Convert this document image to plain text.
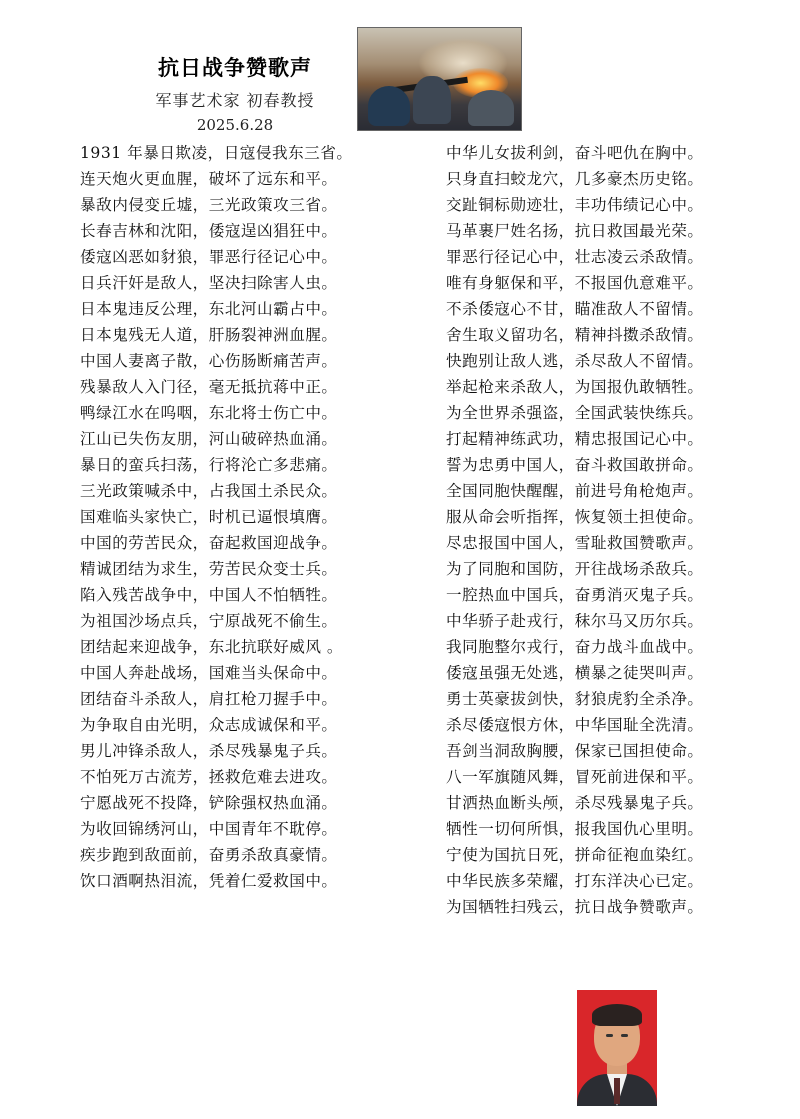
抗日战争赞歌声
军事艺术家 初春教授
2025.6.28
1931 年暴日欺凌，日寇侵我东三省。
连天炮火更血腥，破坏了远东和平。
暴敌内侵变丘墟，三光政策攻三省。
长春吉林和沈阳，倭寇逞凶猖狂中。
倭寇凶恶如豺狼，罪恶行径记心中。
日兵汗奸是敌人，坚决扫除害人虫。
日本鬼违反公理，东北河山霸占中。
日本鬼残无人道，肝肠裂神洲血腥。
中国人妻离子散，心伤肠断痛苦声。
残暴敌人入门径，毫无抵抗蒋中正。
鸭绿江水在呜咽，东北将士伤亡中。
江山已失伤友朋，河山破碎热血涌。
暴日的蛮兵扫荡，行将沦亡多悲痛。
三光政策喊杀中，占我国土杀民众。
国难临头家快亡，时机已逼恨填膺。
中国的劳苦民众，奋起救国迎战争。
精诚团结为求生，劳苦民众变士兵。
陷入残苦战争中，中国人不怕牺牲。
为祖国沙场点兵，宁原战死不偷生。
团结起来迎战争，东北抗联好威风 。
中国人奔赴战场，国难当头保命中。
团结奋斗杀敌人，肩扛枪刀握手中。
为争取自由光明，众志成诚保和平。
男儿冲锋杀敌人，杀尽残暴鬼子兵。
不怕死万古流芳，拯救危难去进攻。
宁愿战死不投降，铲除强权热血涌。
为收回锦绣河山，中国青年不耽停。
疾步跑到敌面前，奋勇杀敌真豪情。
饮口酒啊热泪流，凭着仁爱救国中。
中华儿女拔利剑，奋斗吧仇在胸中。
只身直扫蛟龙穴，几多豪杰历史铭。
交趾铜标勋迹壮，丰功伟绩记心中。
马革裹尸姓名扬，抗日救国最光荣。
罪恶行径记心中，壮志凌云杀敌情。
唯有身躯保和平，不报国仇意难平。
不杀倭寇心不甘，瞄准敌人不留情。
舍生取义留功名，精神抖擞杀敌情。
快跑别让敌人逃，杀尽敌人不留情。
举起枪来杀敌人，为国报仇敢牺牲。
为全世界杀强盗，全国武装快练兵。
打起精神练武功，精忠报国记心中。
誓为忠勇中国人，奋斗救国敢拼命。
全国同胞快醒醒，前进号角枪炮声。
服从命会听指挥，恢复领土担使命。
尽忠报国中国人，雪耻救国赞歌声。
为了同胞和国防，开往战场杀敌兵。
一腔热血中国兵，奋勇消灭鬼子兵。
中华骄子赴戎行，秣尔马又历尔兵。
我同胞整尔戎行，奋力战斗血战中。
倭寇虽强无处逃，横暴之徒哭叫声。
勇士英豪拔剑快，豺狼虎豹全杀净。
杀尽倭寇恨方休，中华国耻全洗清。
吾剑当洞敌胸腰，保家已国担使命。
八一军旗随风舞，冒死前进保和平。
甘洒热血断头颅，杀尽残暴鬼子兵。
牺性一切何所惧，报我国仇心里明。
宁使为国抗日死，拼命征袍血染红。
中华民族多荣耀，打东洋决心已定。
为国牺牲扫残云，抗日战争赞歌声。
